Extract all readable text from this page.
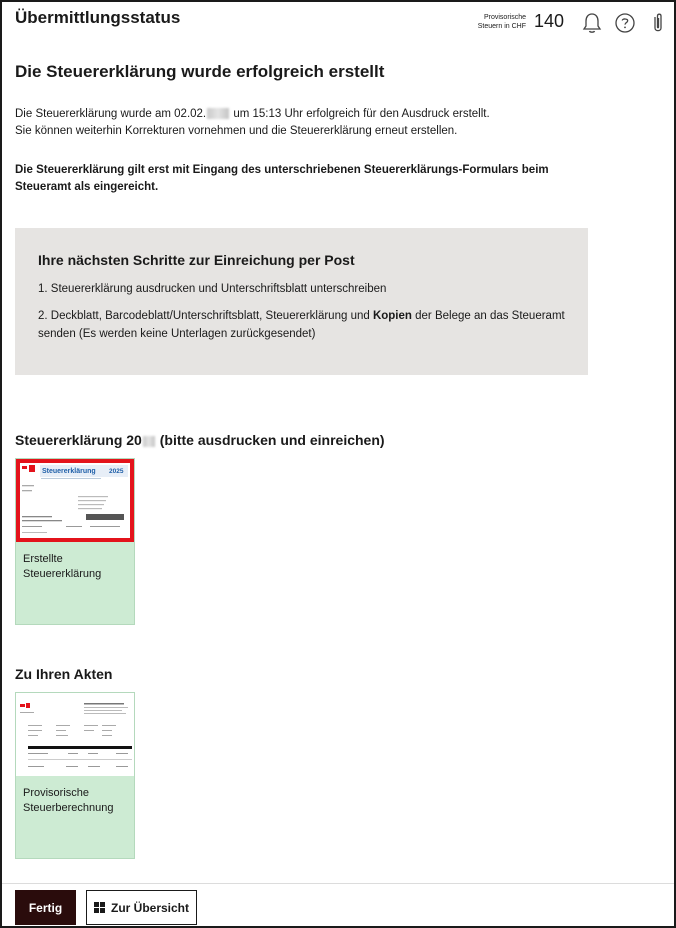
Übermittlungsstatus	Provisorische
Steuern in CHF 140
Die Steuererklärung wurde erfolgreich erstellt
Die Steuererklärung wurde am 02.02. um 15:13 Uhr erfolgreich für den Ausdruck erstellt.
Sie können weiterhin Korrekturen vornehmen und die Steuererklärung erneut erstellen.
Die Steuererklärung gilt erst mit Eingang des unterschriebenen Steuererklärungs-Formulars beim Steueramt als eingereicht.
Ihre nächsten Schritte zur Einreichung per Post
1. Steuererklärung ausdrucken und Unterschriftsblatt unterschreiben
2. Deckblatt, Barcodeblatt/Unterschriftsblatt, Steuererklärung und Kopien der Belege an das Steueramt senden (Es werden keine Unterlagen zurückgesendet)
Steuererklärung 20 (bitte ausdrucken und einreichen)
Steuererklärung 2025
Erstellte
Steuererklärung
Zu Ihren Akten
Provisorische
Steuerberechnung
Fertig	Zur Übersicht
